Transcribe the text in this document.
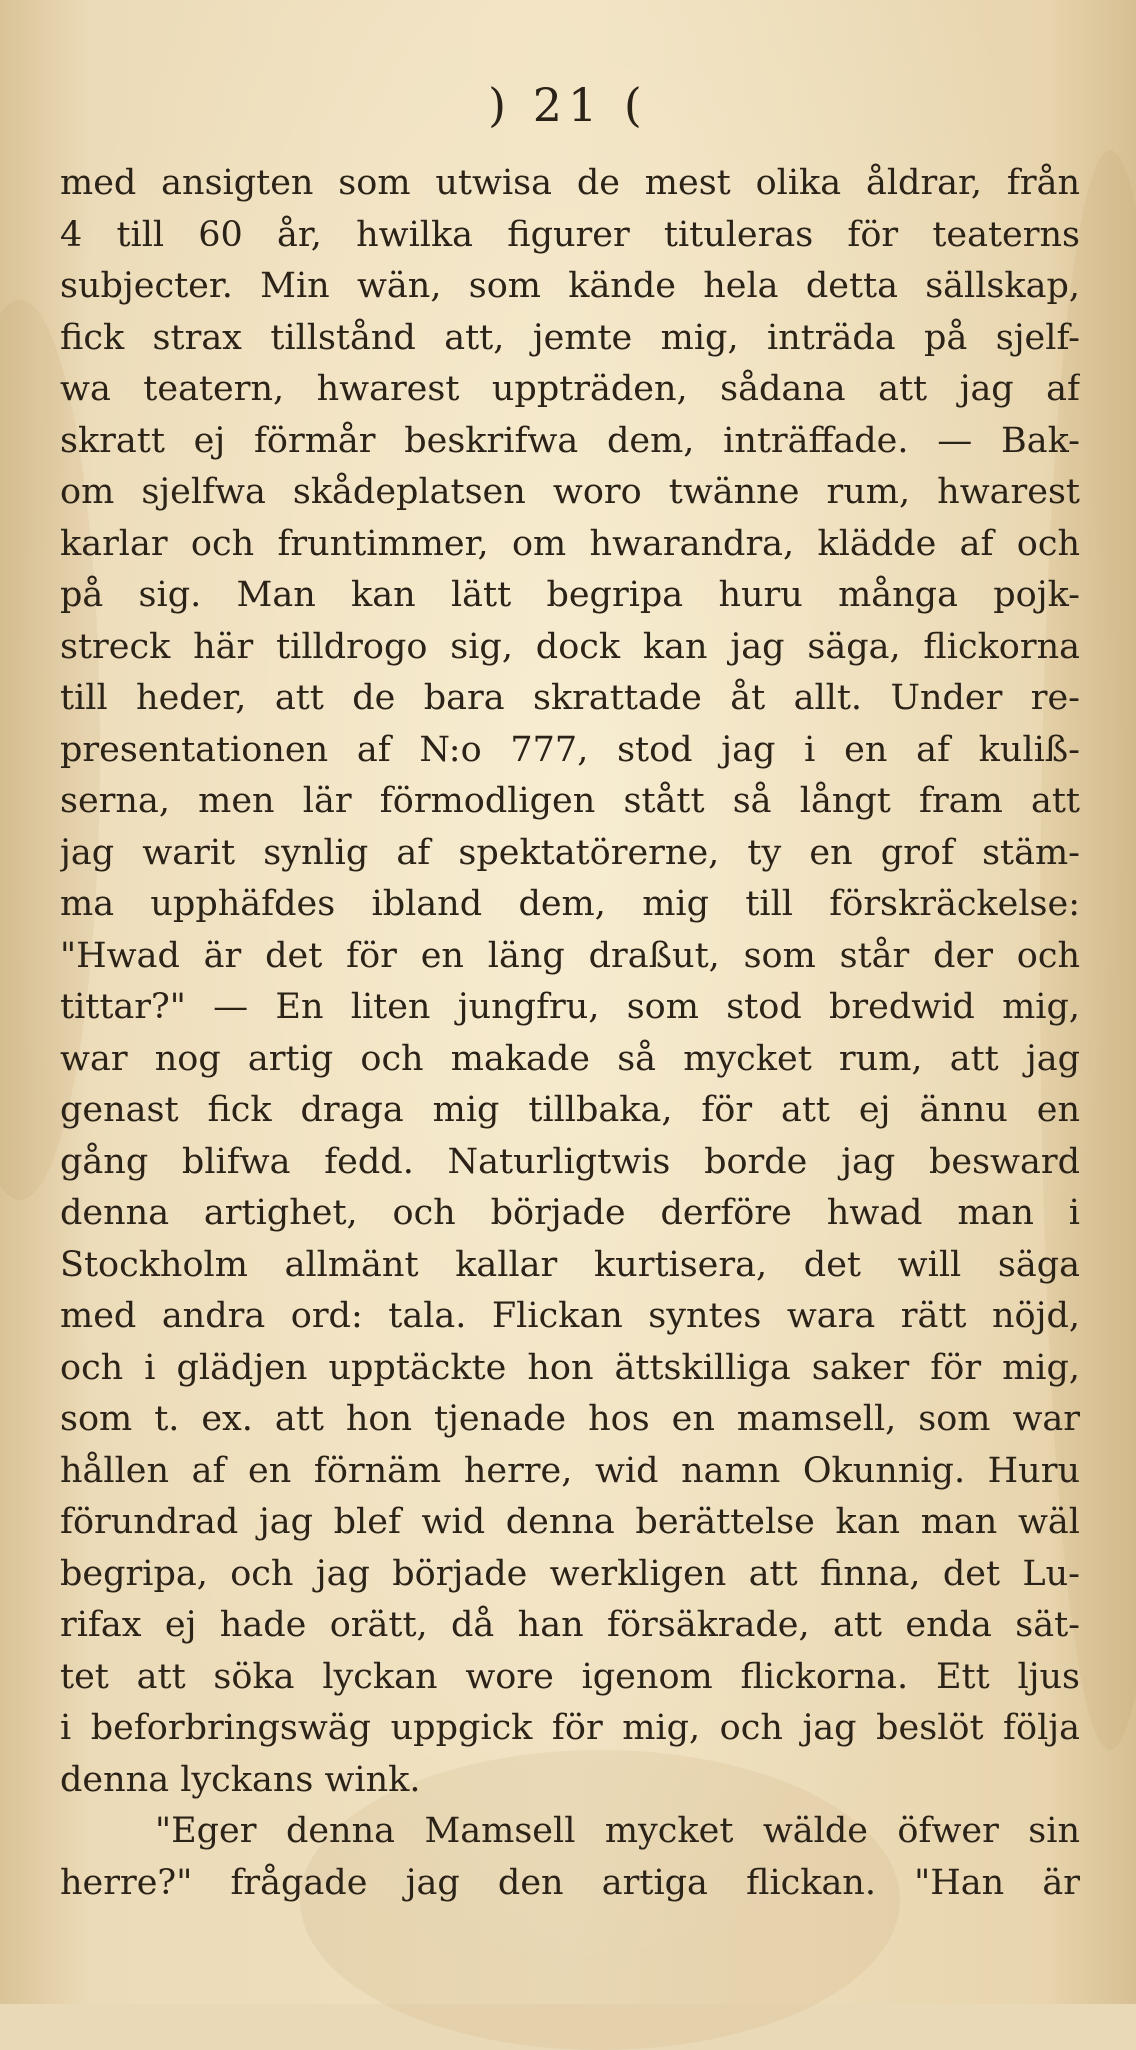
) 21 (
med ansigten som utwisa de mest olika åldrar, från
4 till 60 år, hwilka figurer tituleras för teaterns
subjecter. Min wän, som kände hela detta sällskap,
fick strax tillstånd att, jemte mig, inträda på sjelf-
wa teatern, hwarest uppträden, sådana att jag af
skratt ej förmår beskrifwa dem, inträffade. — Bak-
om sjelfwa skådeplatsen woro twänne rum, hwarest
karlar och fruntimmer, om hwarandra, klädde af och
på sig. Man kan lätt begripa huru många pojk-
streck här tilldrogo sig, dock kan jag säga, flickorna
till heder, att de bara skrattade åt allt. Under re-
presentationen af N:o 777, stod jag i en af kuliß-
serna, men lär förmodligen stått så långt fram att
jag warit synlig af spektatörerne, ty en grof stäm-
ma upphäfdes ibland dem, mig till förskräckelse:
"Hwad är det för en läng draßut, som står der och
tittar?" — En liten jungfru, som stod bredwid mig,
war nog artig och makade så mycket rum, att jag
genast fick draga mig tillbaka, för att ej ännu en
gång blifwa fedd. Naturligtwis borde jag besward
denna artighet, och började derföre hwad man i
Stockholm allmänt kallar kurtisera, det will säga
med andra ord: tala. Flickan syntes wara rätt nöjd,
och i glädjen upptäckte hon ättskilliga saker för mig,
som t. ex. att hon tjenade hos en mamsell, som war
hållen af en förnäm herre, wid namn Okunnig. Huru
förundrad jag blef wid denna berättelse kan man wäl
begripa, och jag började werkligen att finna, det Lu-
rifax ej hade orätt, då han försäkrade, att enda sät-
tet att söka lyckan wore igenom flickorna. Ett ljus
i beforbringswäg uppgick för mig, och jag beslöt följa
denna lyckans wink.
"Eger denna Mamsell mycket wälde öfwer sin
herre?" frågade jag den artiga flickan. "Han är
